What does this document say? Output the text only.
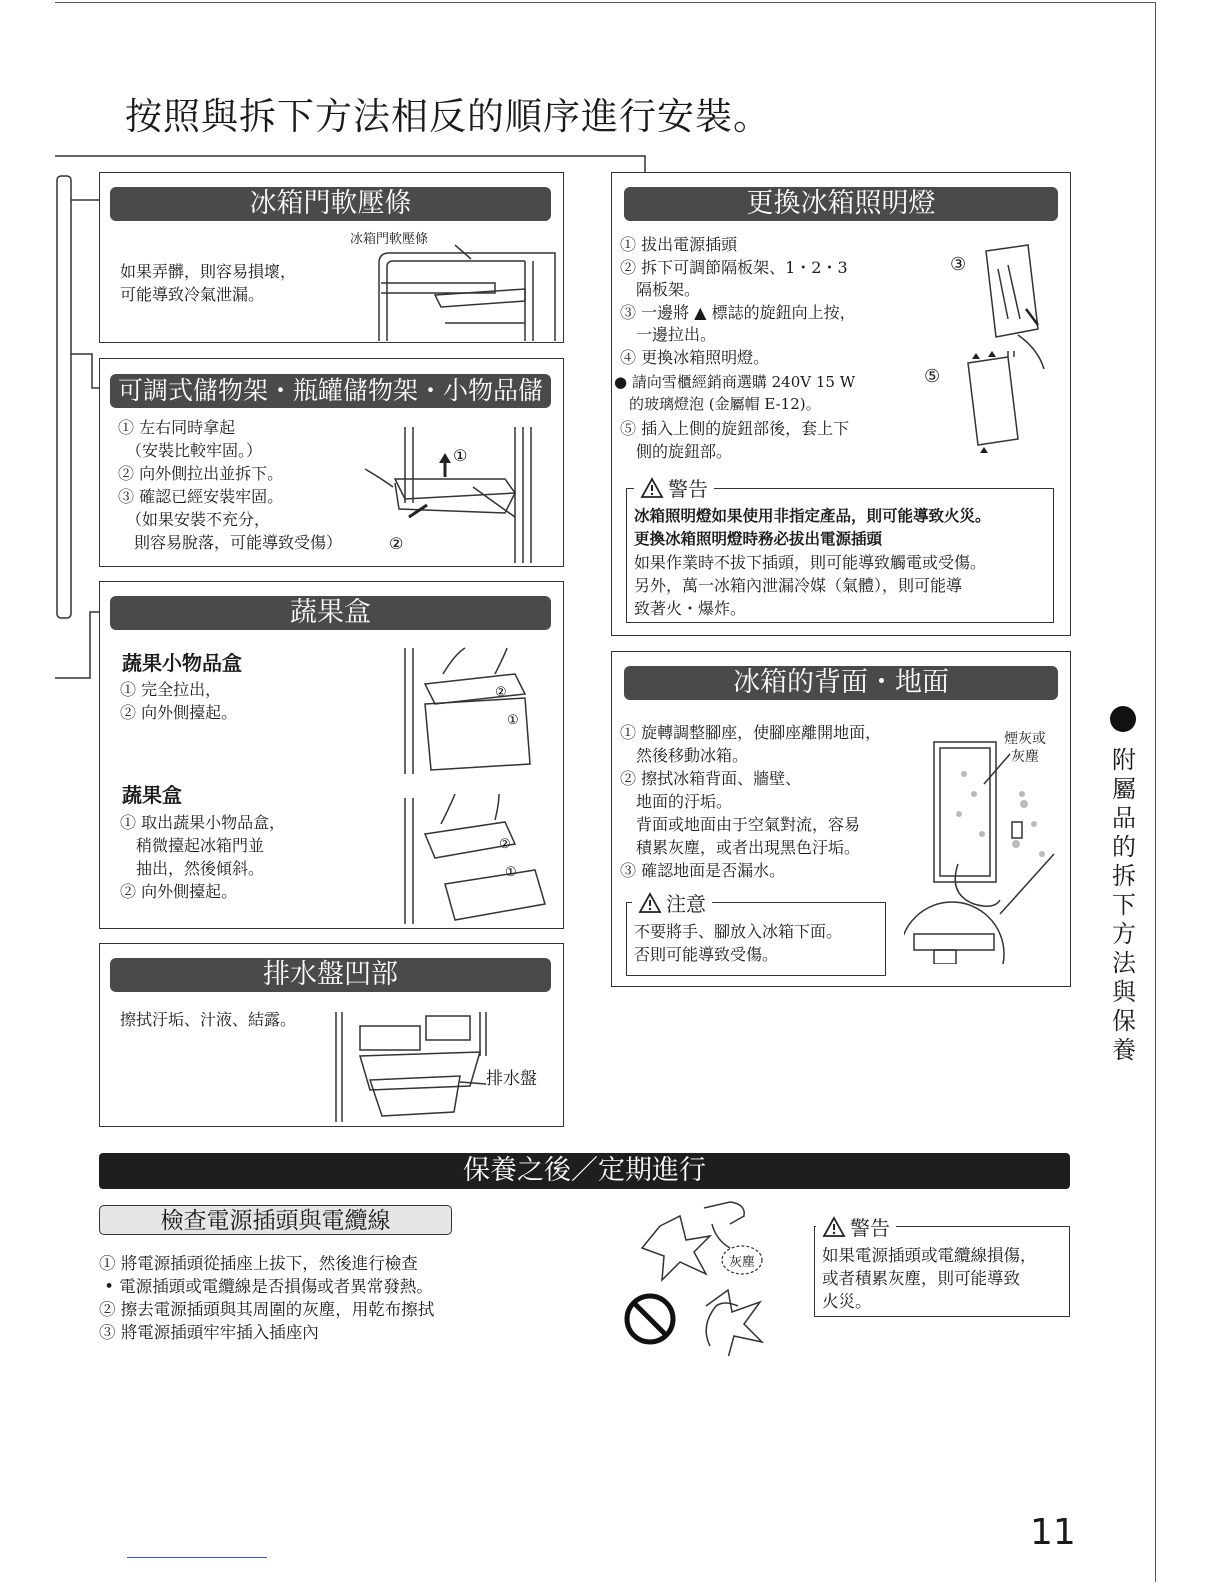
按照與拆下方法相反的順序進行安裝。
冰箱門軟壓條
如果弄髒，則容易損壞，
可能導致冷氣泄漏。
冰箱門軟壓條
可調式儲物架・瓶罐儲物架・小物品儲物架
① 左右同時拿起
　（安裝比較牢固。）
② 向外側拉出並拆下。
③ 確認已經安裝牢固。
　（如果安裝不充分，
　則容易脫落，可能導致受傷）
①
②
蔬果盒
蔬果小物品盒
① 完全拉出，
② 向外側擡起。
蔬果盒
① 取出蔬果小物品盒，
　稍微擡起冰箱門並
　抽出，然後傾斜。
② 向外側擡起。
②
①
②
①
排水盤凹部
擦拭汙垢、汁液、結露。
排水盤
更換冰箱照明燈
① 拔出電源插頭
② 拆下可調節隔板架、1・2・3
　隔板架。
③ 一邊將 ▲ 標誌的旋鈕向上按，
　一邊拉出。
④ 更換冰箱照明燈。
● 請向雪櫃經銷商選購 240V 15 W
　的玻璃燈泡 (金屬帽 E-12)。
⑤ 插入上側的旋鈕部後，套上下
　側的旋鈕部。
③
⑤
警告
冰箱照明燈如果使用非指定產品，則可能導致火災。
更換冰箱照明燈時務必拔出電源插頭
如果作業時不拔下插頭，則可能導致觸電或受傷。
另外，萬一冰箱內泄漏冷媒（氣體），則可能導
致著火・爆炸。
冰箱的背面・地面
① 旋轉調整腳座，使腳座離開地面，
　然後移動冰箱。
② 擦拭冰箱背面、牆壁、
　地面的汙垢。
　背面或地面由于空氣對流，容易
　積累灰塵，或者出現黑色汙垢。
③ 確認地面是否漏水。
煙灰或
灰塵
注意
不要將手、腳放入冰箱下面。
否則可能導致受傷。
附
屬
品
的
拆
下
方
法
與
保
養
保養之後／定期進行
檢查電源插頭與電纜線
① 將電源插頭從插座上拔下，然後進行檢查
• 電源插頭或電纜線是否損傷或者異常發熱。
② 擦去電源插頭與其周圍的灰塵，用乾布擦拭
③ 將電源插頭牢牢插入插座內
灰塵
警告
如果電源插頭或電纜線損傷，
或者積累灰塵，則可能導致
火災。
11
